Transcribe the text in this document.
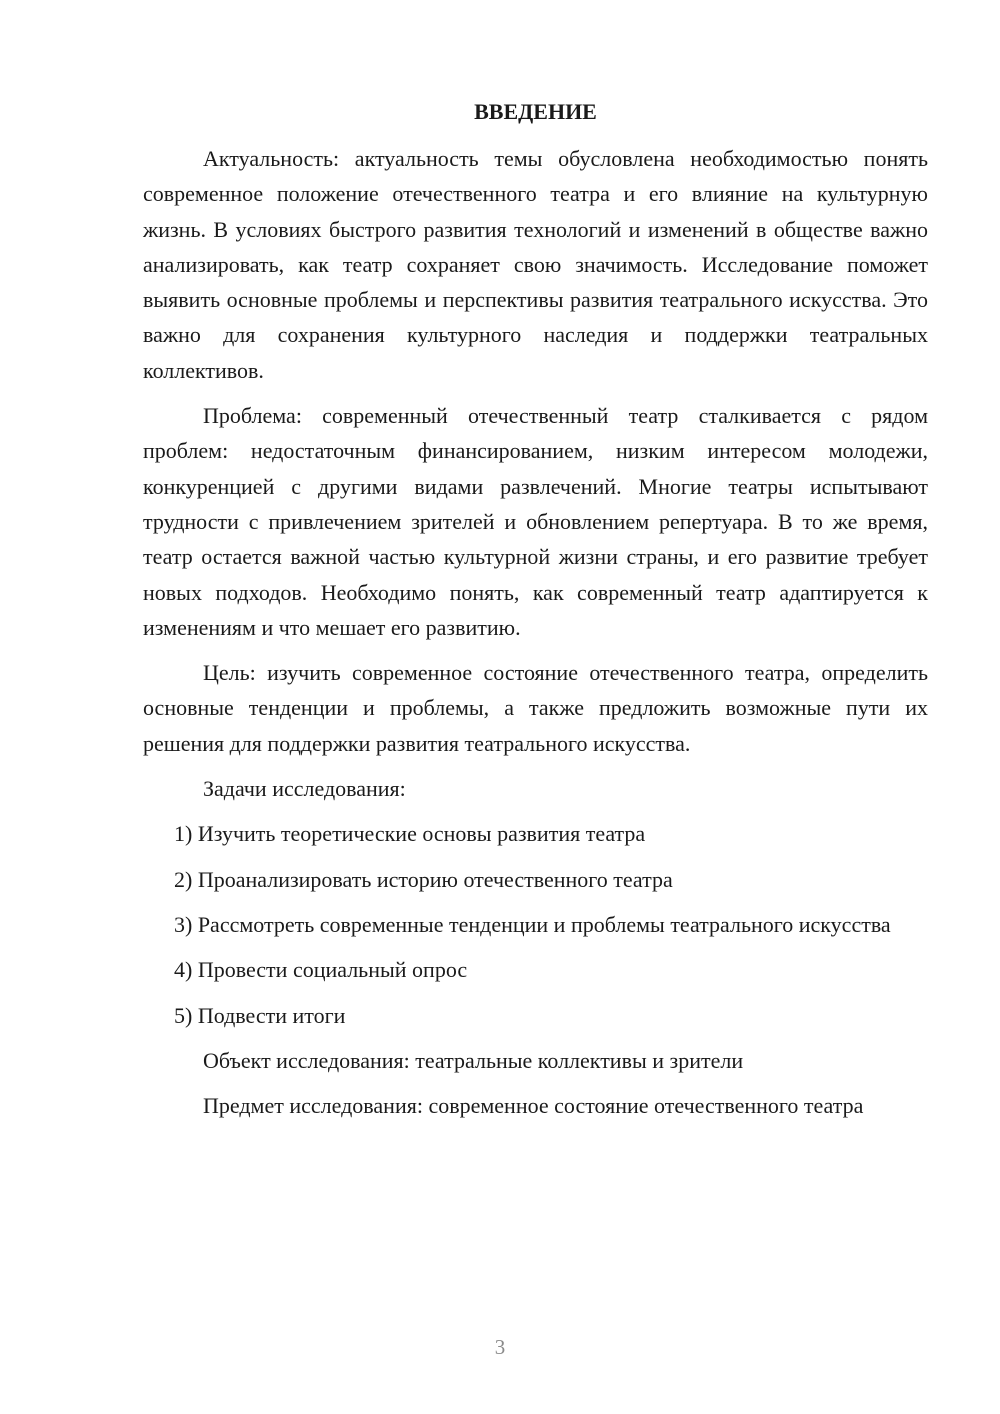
ВВЕДЕНИЕ

Актуальность: актуальность темы обусловлена необходимостью понять современное положение отечественного театра и его влияние на культурную жизнь. В условиях быстрого развития технологий и изменений в обществе важно анализировать, как театр сохраняет свою значимость. Исследование поможет выявить основные проблемы и перспективы развития театрального искусства. Это важно для сохранения культурного наследия и поддержки театральных коллективов.

Проблема: современный отечественный театр сталкивается с рядом проблем: недостаточным финансированием, низким интересом молодежи, конкуренцией с другими видами развлечений. Многие театры испытывают трудности с привлечением зрителей и обновлением репертуара. В то же время, театр остается важной частью культурной жизни страны, и его развитие требует новых подходов. Необходимо понять, как современный театр адаптируется к изменениям и что мешает его развитию.

Цель: изучить современное состояние отечественного театра, определить основные тенденции и проблемы, а также предложить возможные пути их решения для поддержки развития театрального искусства.

Задачи исследования:

1) Изучить теоретические основы развития театра

2) Проанализировать историю отечественного театра

3) Рассмотреть современные тенденции и проблемы театрального искусства

4) Провести социальный опрос

5) Подвести итоги

Объект исследования: театральные коллективы и зрители

Предмет исследования: современное состояние отечественного театра

3
